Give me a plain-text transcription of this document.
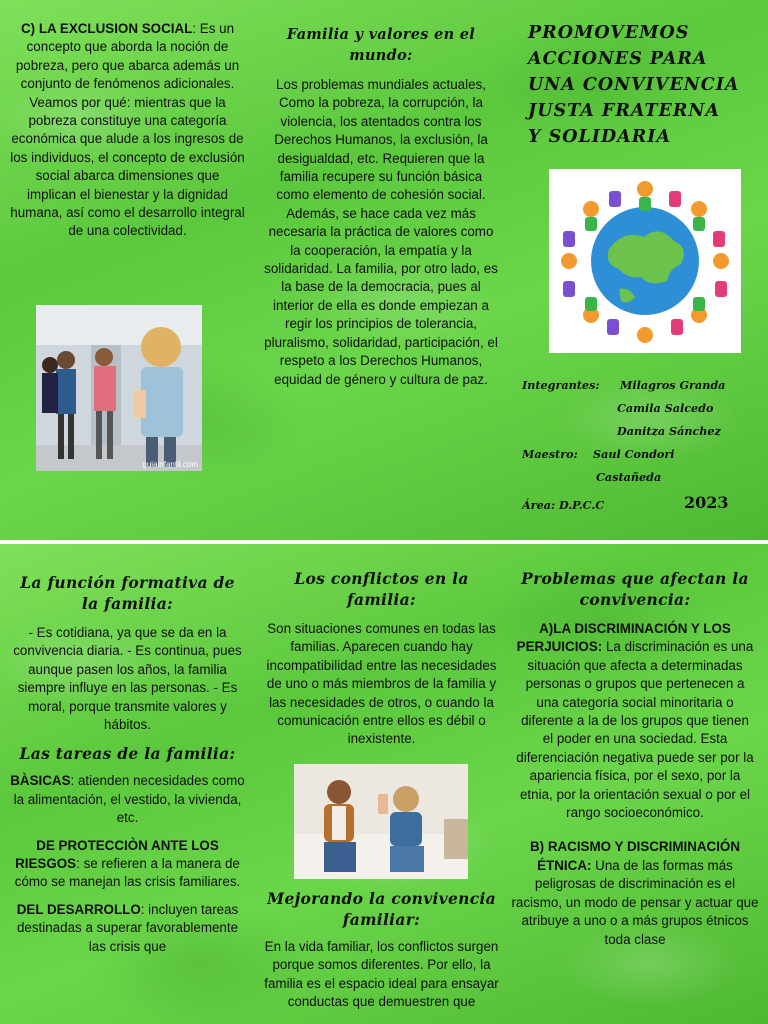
C) LA EXCLUSION SOCIAL: Es un concepto que aborda la noción de pobreza, pero que abarca además un conjunto de fenómenos adicionales. Veamos por qué: mientras que la pobreza constituye una categoría económica que alude a los ingresos de los individuos, el concepto de exclusión social abarca dimensiones que implican el bienestar y la dignidad humana, así como el desarrollo integral de una colectividad.

guiainfantil.com

Familia y valores en el mundo:

Los problemas mundiales actuales, Como la pobreza, la corrupción, la violencia, los atentados contra los Derechos Humanos, la exclusión, la desigualdad, etc. Requieren que la familia recupere su función básica como elemento de cohesión social. Además, se hace cada vez más necesaria la práctica de valores como la cooperación, la empatía y la solidaridad. La familia, por otro lado, es la base de la democracia, pues al interior de ella es donde empiezan a regir los principios de tolerancia, pluralismo, solidaridad, participación, el respeto a los Derechos Humanos, equidad de género y cultura de paz.

PROMOVEMOS
ACCIONES PARA
UNA CONVIVENCIA
JUSTA FRATERNA
Y SOLIDARIA
Integrantes: Milagros Granda
Camila Salcedo
Danitza Sánchez
Maestro: Saul Condori
Castañeda
Área: D.P.C.C	2023

La función formativa de la familia:

- Es cotidiana, ya que se da en la convivencia diaria. - Es continua, pues aunque pasen los años, la familia siempre influye en las personas. - Es moral, porque transmite valores y hábitos.

Las tareas de la familia:

BÀSICAS: atienden necesidades como la alimentación, el vestido, la vivienda, etc.

DE PROTECCIÒN ANTE LOS RIESGOS: se refieren a la manera de cómo se manejan las crisis familiares.

DEL DESARROLLO: incluyen tareas destinadas a superar favorablemente las crisis que

Los conflictos en la familia:

Son situaciones comunes en todas las familias. Aparecen cuando hay incompatibilidad entre las necesidades de uno o más miembros de la familia y las necesidades de otros, o cuando la comunicación entre ellos es débil o inexistente.

Mejorando la convivencia familiar:

En la vida familiar, los conflictos surgen porque somos diferentes. Por ello, la familia es el espacio ideal para ensayar conductas que demuestren que

Problemas que afectan la convivencia:

A)LA DISCRIMINACIÓN Y LOS PERJUICIOS: La discriminación es una situación que afecta a determinadas personas o grupos que pertenecen a una categoría social minoritaria o diferente a la de los grupos que tienen el poder en una sociedad. Esta diferenciación negativa puede ser por la apariencia física, por el sexo, por la etnia, por la orientación sexual o por el rango socioeconómico.

B) RACISMO Y DISCRIMINACIÓN ÉTNICA: Una de las formas más peligrosas de discriminación es el racismo, un modo de pensar y actuar que atribuye a uno o a más grupos étnicos toda clase
